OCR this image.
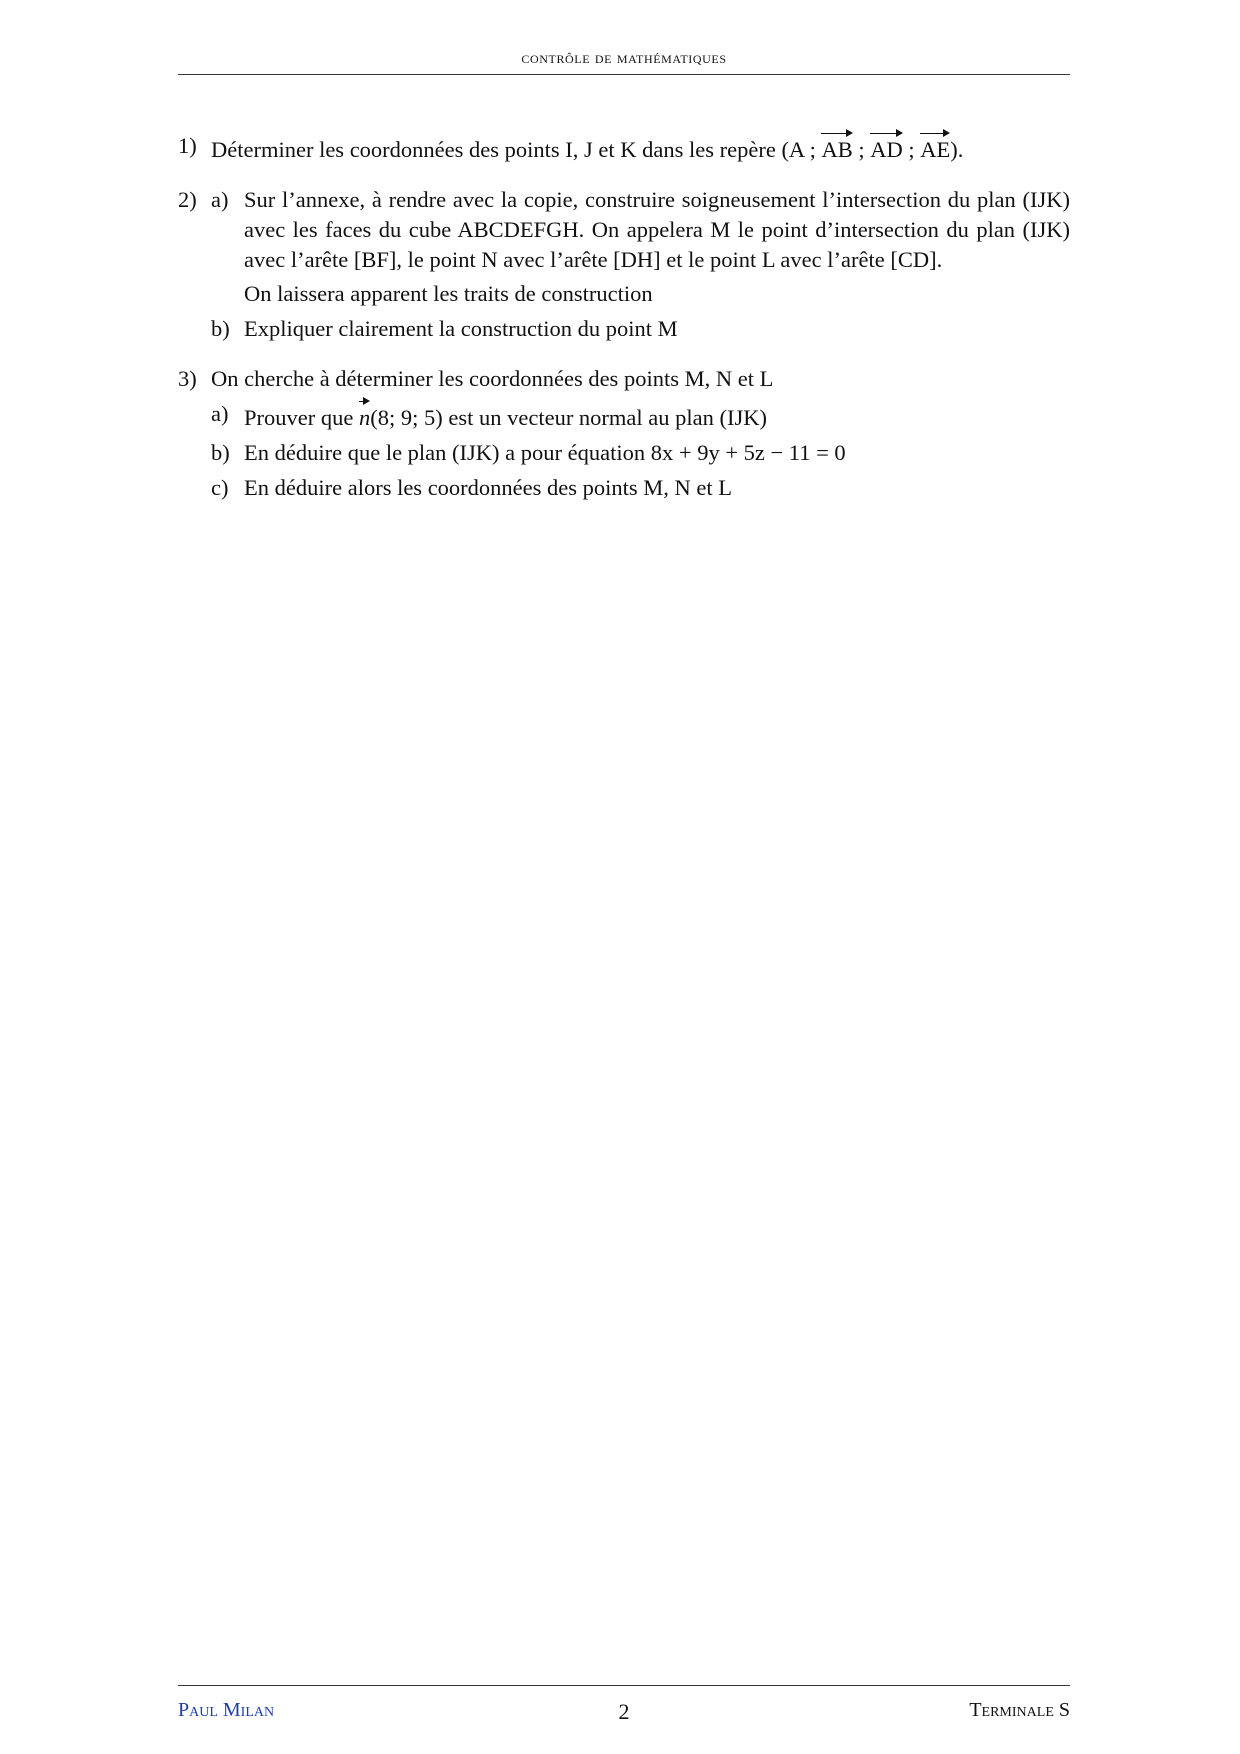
contrôle de mathématiques
1) Déterminer les coordonnées des points I, J et K dans les repère (A ; AB ; AD ; AE).
2) a) Sur l’annexe, à rendre avec la copie, construire soigneusement l’intersection du plan (IJK) avec les faces du cube ABCDEFGH. On appelera M le point d’intersection du plan (IJK) avec l’arête [BF], le point N avec l’arête [DH] et le point L avec l’arête [CD].
On laissera apparent les traits de construction
b) Expliquer clairement la construction du point M
3) On cherche à déterminer les coordonnées des points M, N et L
a) Prouver que n(8; 9; 5) est un vecteur normal au plan (IJK)
b) En déduire que le plan (IJK) a pour équation 8x + 9y + 5z − 11 = 0
c) En déduire alors les coordonnées des points M, N et L
Paul Milan	2	Terminale S
